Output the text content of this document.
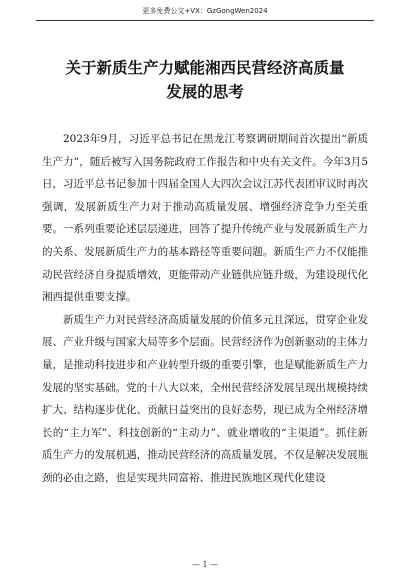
更多免费公文+VX：GzGongWen2024
关于新质生产力赋能湘西民营经济高质量
发展的思考

2023年9月，习近平总书记在黑龙江考察调研期间首次提出“新质生产力”，随后被写入国务院政府工作报告和中央有关文件。今年3月5日，习近平总书记参加十四届全国人大四次会议江苏代表团审议时再次强调，发展新质生产力对于推动高质量发展、增强经济竞争力至关重要。一系列重要论述层层递进，回答了提升传统产业与发展新质生产力的关系、发展新质生产力的基本路径等重要问题。新质生产力不仅能推动民营经济自身提质增效，更能带动产业链供应链升级，为建设现代化湘西提供重要支撑。

新质生产力对民营经济高质量发展的价值多元且深远，贯穿企业发展、产业升级与国家大局等多个层面。民营经济作为创新驱动的主体力量，是推动科技进步和产业转型升级的重要引擎，也是赋能新质生产力发展的坚实基础。党的十八大以来，全州民营经济发展呈现出规模持续扩大、结构逐步优化、贡献日益突出的良好态势，现已成为全州经济增长的“主力军”、科技创新的“主动力”、就业增收的“主渠道”。抓住新质生产力的发展机遇，推动民营经济的高质量发展，不仅是解决发展瓶颈的必由之路，也是实现共同富裕、推进民族地区现代化建设

— 1 —
